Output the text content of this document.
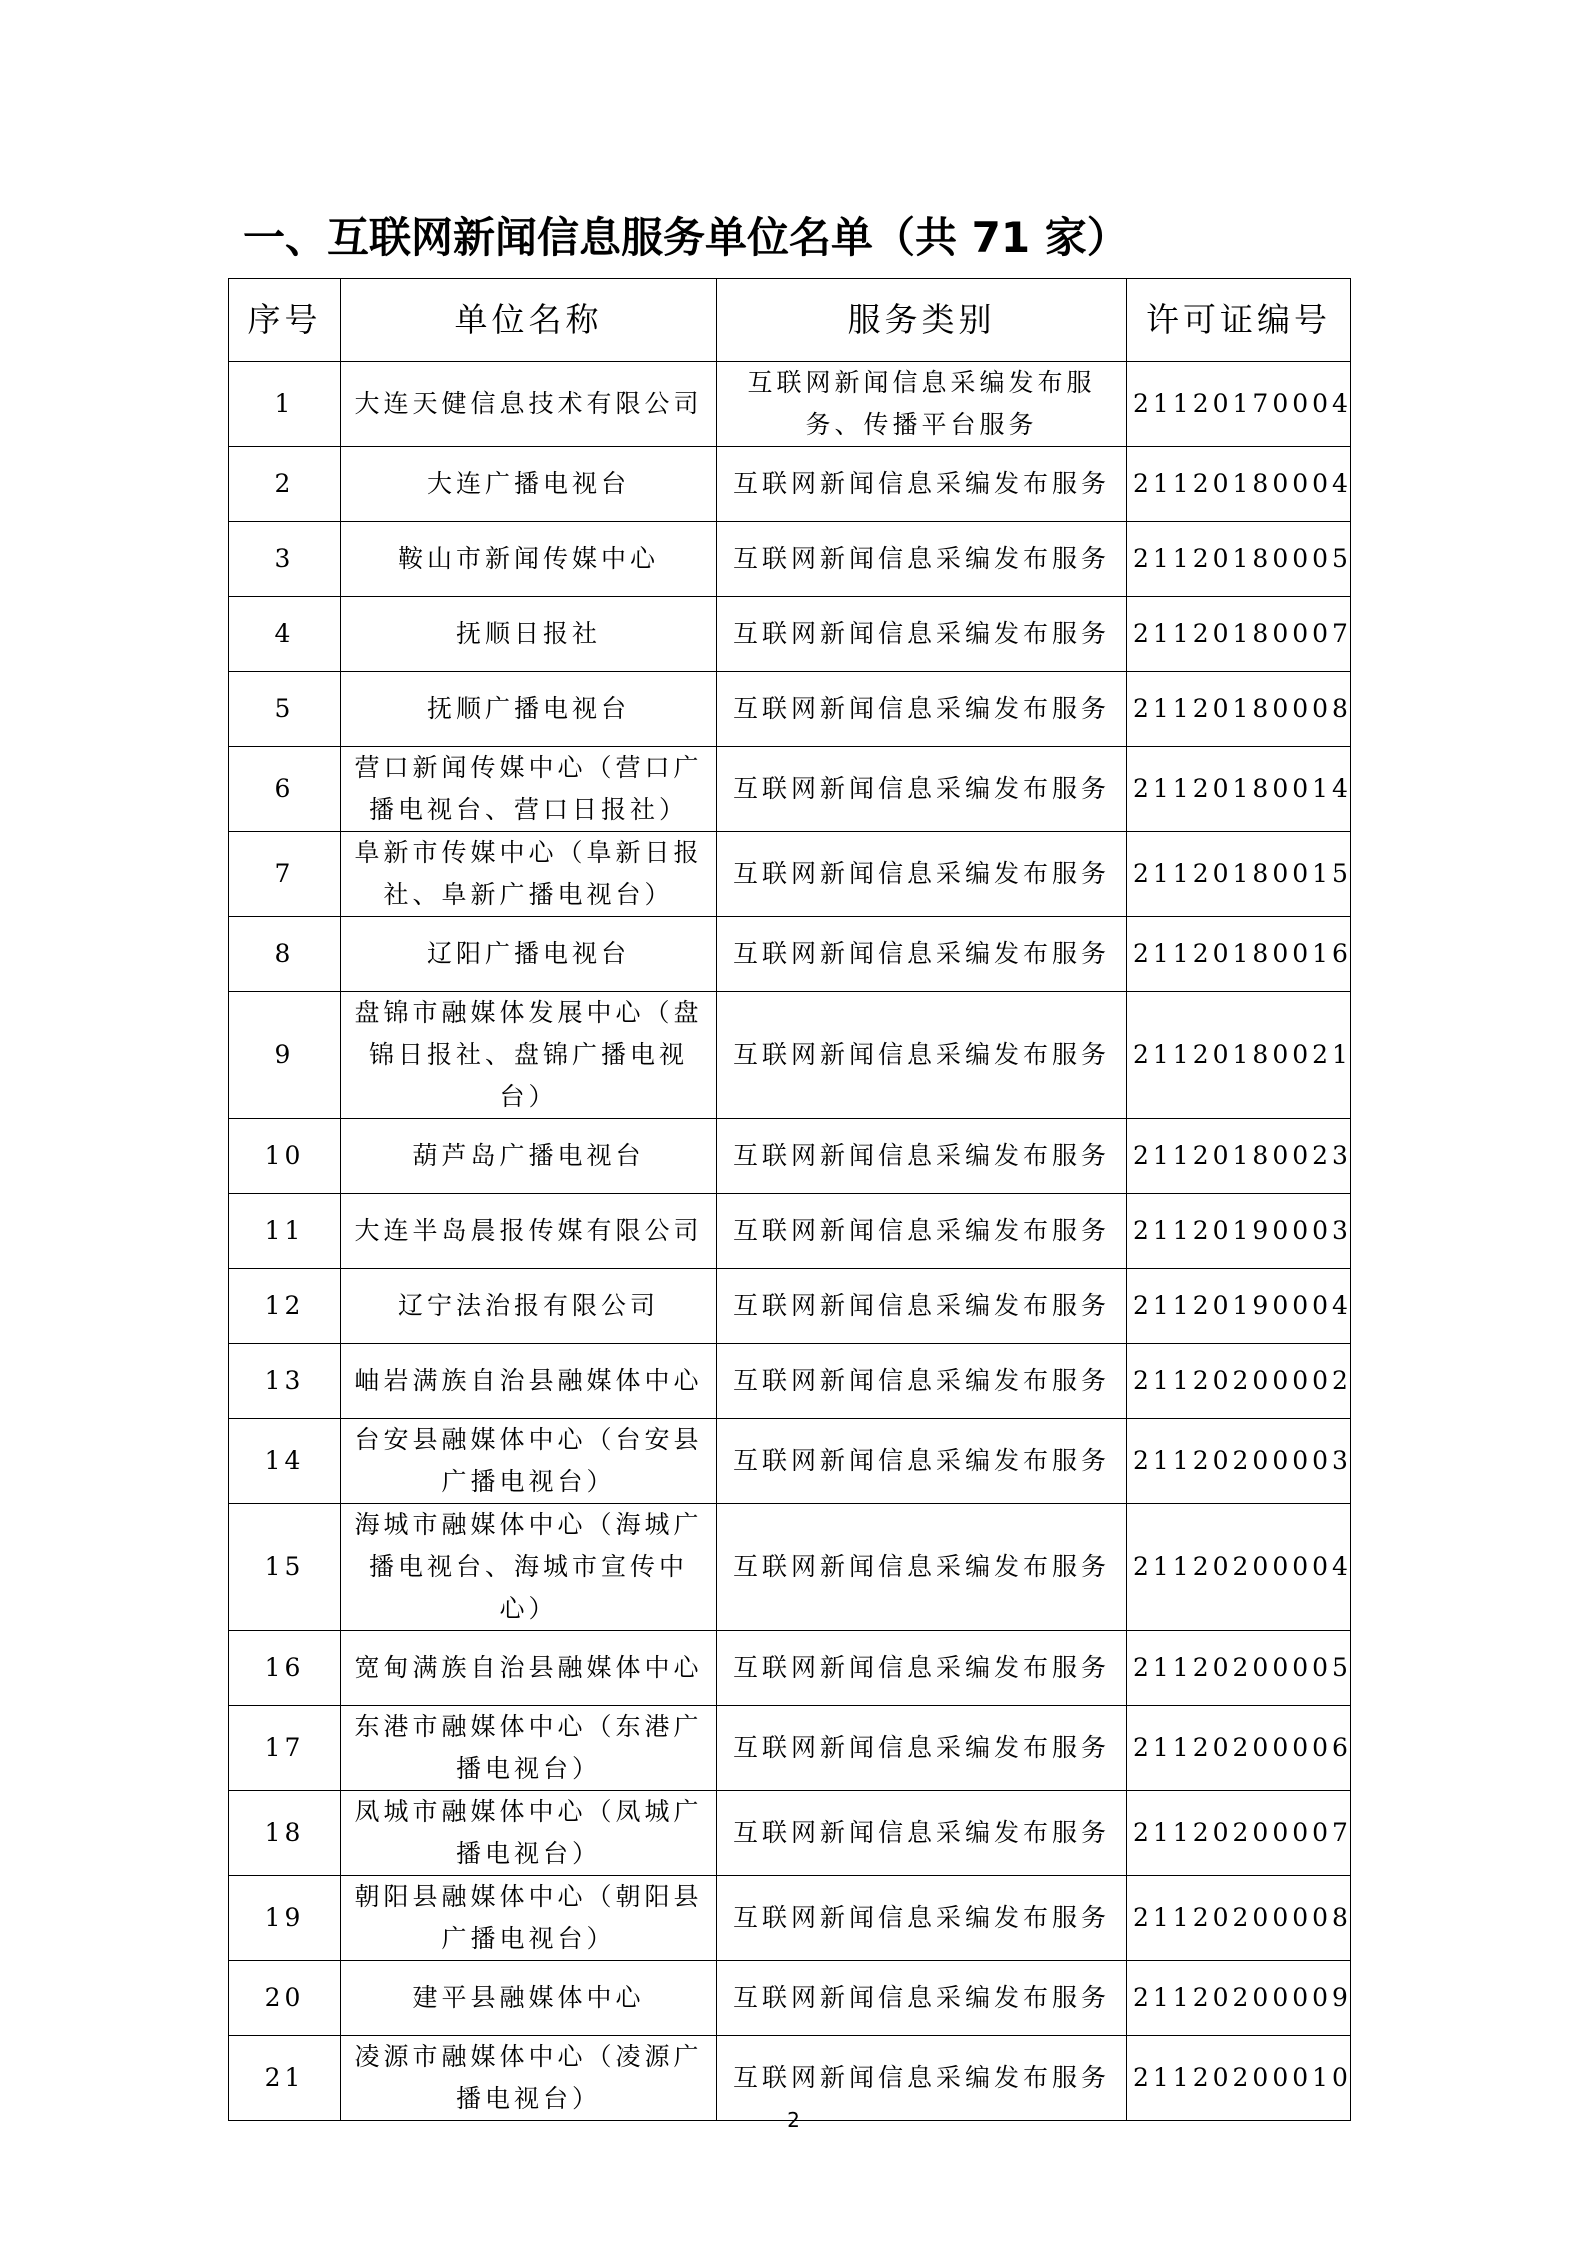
一、互联网新闻信息服务单位名单（共 71 家）
序号	单位名称	服务类别	许可证编号
1	大连天健信息技术有限公司	互联网新闻信息采编发布服务、传播平台服务	21120170004
2	大连广播电视台	互联网新闻信息采编发布服务	21120180004
3	鞍山市新闻传媒中心	互联网新闻信息采编发布服务	21120180005
4	抚顺日报社	互联网新闻信息采编发布服务	21120180007
5	抚顺广播电视台	互联网新闻信息采编发布服务	21120180008
6	营口新闻传媒中心（营口广播电视台、营口日报社）	互联网新闻信息采编发布服务	21120180014
7	阜新市传媒中心（阜新日报社、阜新广播电视台）	互联网新闻信息采编发布服务	21120180015
8	辽阳广播电视台	互联网新闻信息采编发布服务	21120180016
9	盘锦市融媒体发展中心（盘锦日报社、盘锦广播电视台）	互联网新闻信息采编发布服务	21120180021
10	葫芦岛广播电视台	互联网新闻信息采编发布服务	21120180023
11	大连半岛晨报传媒有限公司	互联网新闻信息采编发布服务	21120190003
12	辽宁法治报有限公司	互联网新闻信息采编发布服务	21120190004
13	岫岩满族自治县融媒体中心	互联网新闻信息采编发布服务	21120200002
14	台安县融媒体中心（台安县广播电视台）	互联网新闻信息采编发布服务	21120200003
15	海城市融媒体中心（海城广播电视台、海城市宣传中心）	互联网新闻信息采编发布服务	21120200004
16	宽甸满族自治县融媒体中心	互联网新闻信息采编发布服务	21120200005
17	东港市融媒体中心（东港广播电视台）	互联网新闻信息采编发布服务	21120200006
18	凤城市融媒体中心（凤城广播电视台）	互联网新闻信息采编发布服务	21120200007
19	朝阳县融媒体中心（朝阳县广播电视台）	互联网新闻信息采编发布服务	21120200008
20	建平县融媒体中心	互联网新闻信息采编发布服务	21120200009
21	凌源市融媒体中心（凌源广播电视台）	互联网新闻信息采编发布服务	21120200010
2
